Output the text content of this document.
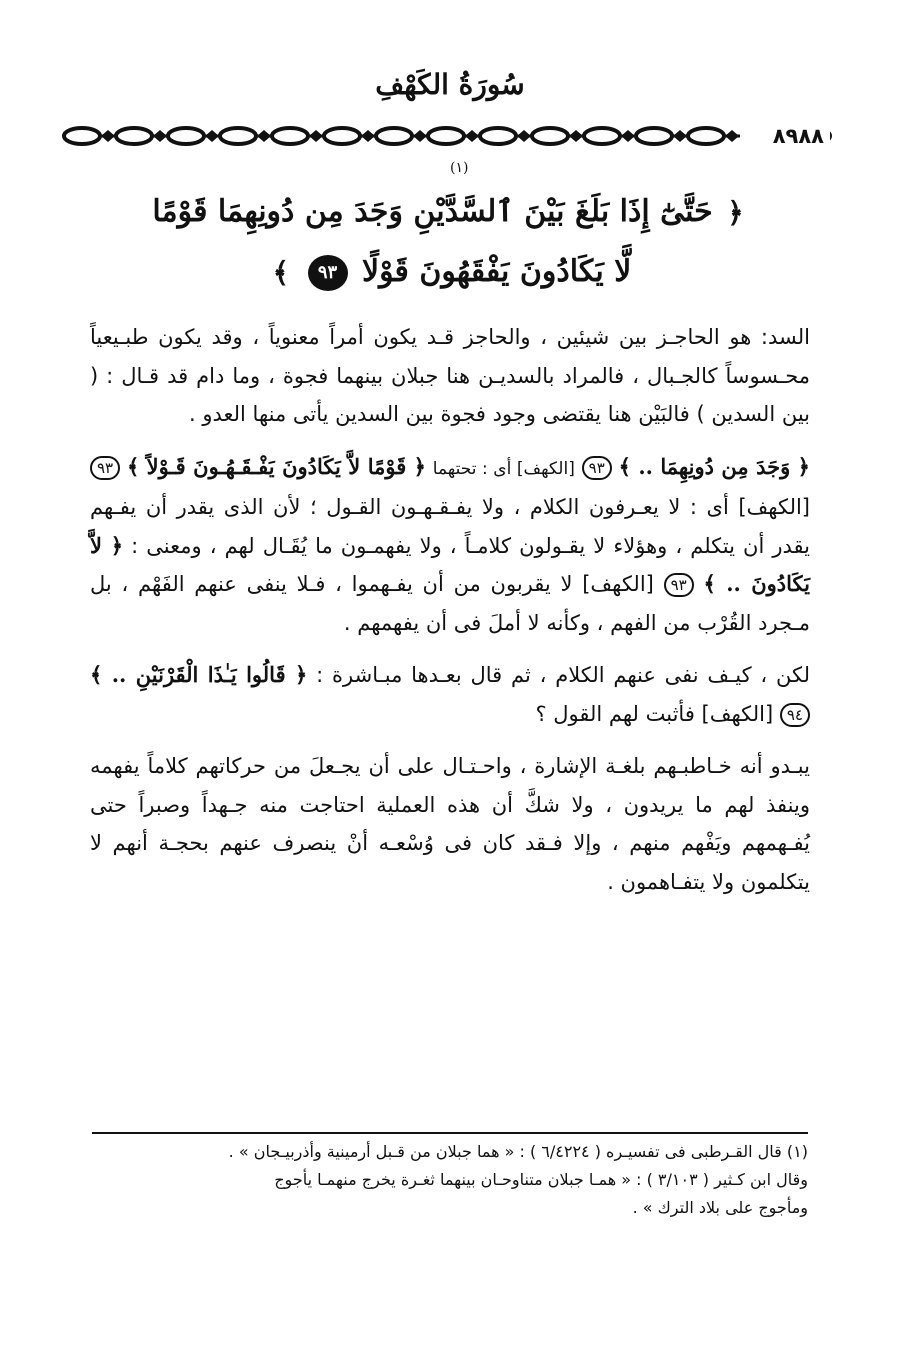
سُورَةُ الكَهْفِ
٨٩٨٨
(١)
﴿ حَتَّىٰٓ إِذَا بَلَغَ بَيْنَ ٱلسَّدَّيْنِ وَجَدَ مِن دُونِهِمَا قَوْمًا
لَّا يَكَادُونَ يَفْقَهُونَ قَوْلًا ٩٣ ﴾

السد: هو الحاجـز بين شيئين ، والحاجز قـد يكون أمراً معنوياً ، وقد يكون طبـيعياً محـسوساً كالجـبال ، فالمراد بالسديـن هنا جبلان بينهما فجوة ، وما دام قد قـال : ( بين السدين ) فالبَيْن هنا يقتضى وجود فجوة بين السدين يأتى منها العدو .

﴿ وَجَدَ مِن دُونِهِمَا .. ﴾ ٩٣ [الكهف] أى : تحتهما ﴿ قَوْمًا لاَّ يَكَادُونَ يَفْـقَـهُـونَ قَـوْلاً ﴾ ٩٣ [الكهف] أى : لا يعـرفون الكلام ، ولا يفـقـهـون القـول ؛ لأن الذى يقدر أن يفـهم يقدر أن يتكلم ، وهؤلاء لا يقـولون كلامـاً ، ولا يفهمـون ما يُقَـال لهم ، ومعنى : ﴿ لاَّ يَكَادُونَ .. ﴾ ٩٣ [الكهف] لا يقربون من أن يفـهموا ، فـلا ينفى عنهم الفَهْم ، بل مـجرد القُرْب من الفهم ، وكأنه لا أملَ فى أن يفهمهم .

لكن ، كيـف نفى عنهم الكلام ، ثم قال بعـدها مبـاشرة : ﴿ قَالُوا يَـٰذَا الْقَرْنَيْنِ .. ﴾ ٩٤ [الكهف] فأثبت لهم القول ؟

يبـدو أنه خـاطبـهم بلغـة الإشارة ، واحـتـال على أن يجـعلَ من حركاتهم كلاماً يفهمه وينفذ لهم ما يريدون ، ولا شكَّ أن هذه العملية احتاجت منه جـهداً وصبراً حتى يُفـهمهم ويَفْهم منهم ، وإلا فـقد كان فى وُسْعـه أنْ ينصرف عنهم بحجـة أنهم لا يتكلمون ولا يتفـاهمون .

(١) قال القـرطبى فى تفسيـره ( ٦/٤٢٢٤ ) : « هما جبلان من قـبل أرمينية وأذربيـجان » .
وقال ابن كـثير ( ٣/١٠٣ ) : « همـا جبلان متناوحـان بينهما ثغـرة يخرج منهمـا يأجوج
ومأجوج على بلاد الترك » .
